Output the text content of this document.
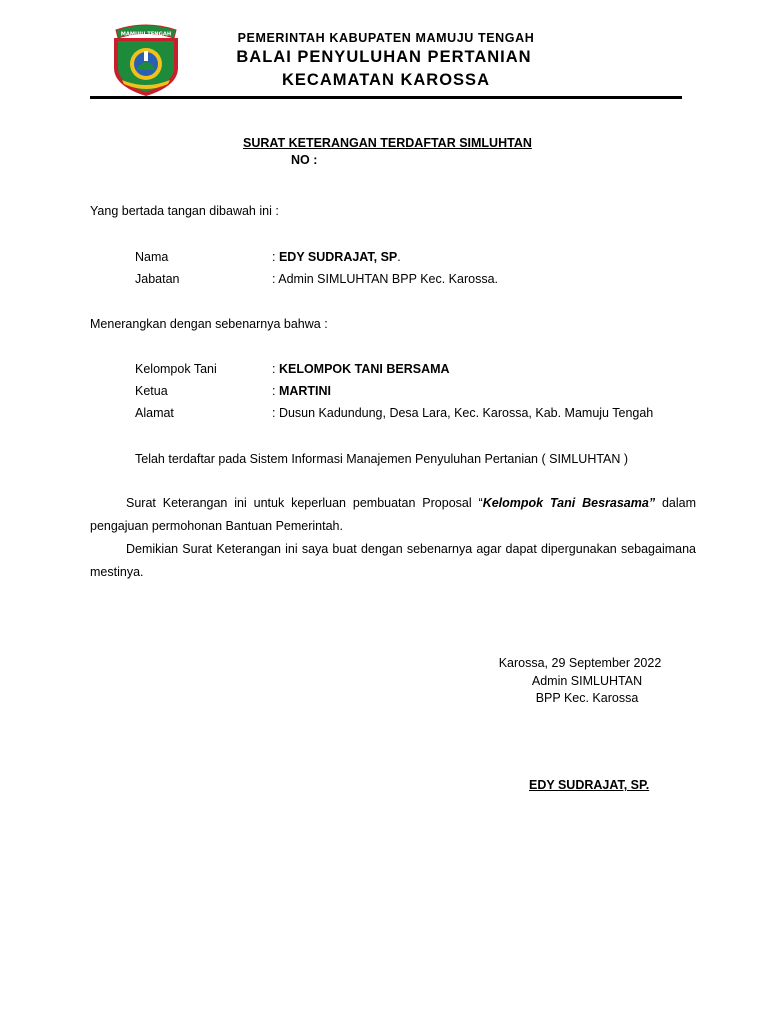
MAMUJU TENGAH	PEMERINTAH KABUPATEN MAMUJU TENGAH
BALAI PENYULUHAN PERTANIAN
KECAMATAN KAROSSA
SURAT KETERANGAN TERDAFTAR SIMLUHTAN
NO :
Yang bertada tangan dibawah ini :
Nama	: EDY SUDRAJAT, SP.
Jabatan	: Admin SIMLUHTAN BPP Kec. Karossa.
Menerangkan dengan sebenarnya bahwa :
Kelompok Tani	: KELOMPOK TANI BERSAMA
Ketua	: MARTINI
Alamat	: Dusun Kadundung, Desa Lara, Kec. Karossa, Kab. Mamuju Tengah
Telah terdaftar pada Sistem Informasi Manajemen Penyuluhan Pertanian ( SIMLUHTAN )
Surat Keterangan ini untuk keperluan pembuatan Proposal “Kelompok Tani Besrasama” dalam pengajuan permohonan Bantuan Pemerintah.
Demikian Surat Keterangan ini saya buat dengan sebenarnya agar dapat dipergunakan sebagaimana mestinya.
Karossa, 29 September 2022
Admin SIMLUHTAN
BPP Kec. Karossa
EDY SUDRAJAT, SP.
